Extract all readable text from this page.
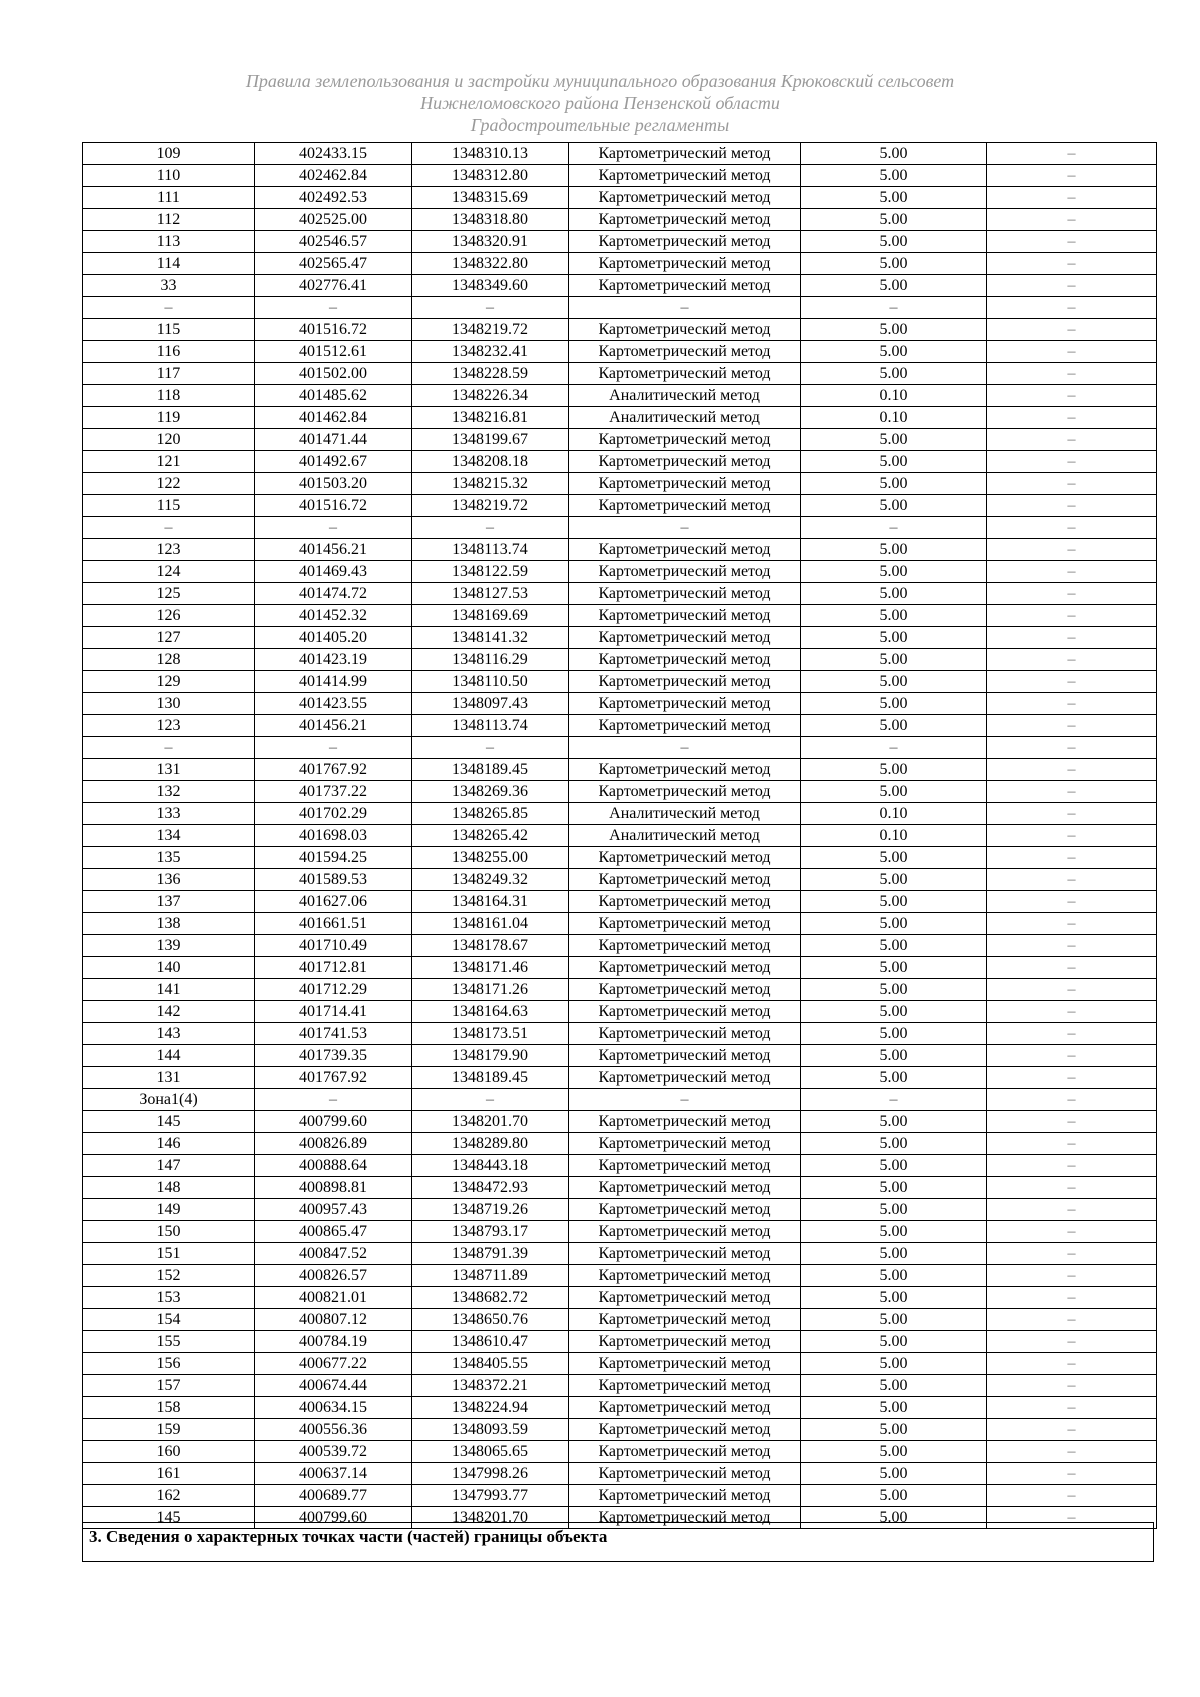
Правила землепользования и застройки муниципального образования Крюковский сельсовет
Нижнеломовского района Пензенской области
Градостроительные регламенты
109	402433.15	1348310.13	Картометрический метод	5.00	–
110	402462.84	1348312.80	Картометрический метод	5.00	–
111	402492.53	1348315.69	Картометрический метод	5.00	–
112	402525.00	1348318.80	Картометрический метод	5.00	–
113	402546.57	1348320.91	Картометрический метод	5.00	–
114	402565.47	1348322.80	Картометрический метод	5.00	–
33	402776.41	1348349.60	Картометрический метод	5.00	–
–	–	–	–	–	–
115	401516.72	1348219.72	Картометрический метод	5.00	–
116	401512.61	1348232.41	Картометрический метод	5.00	–
117	401502.00	1348228.59	Картометрический метод	5.00	–
118	401485.62	1348226.34	Аналитический метод	0.10	–
119	401462.84	1348216.81	Аналитический метод	0.10	–
120	401471.44	1348199.67	Картометрический метод	5.00	–
121	401492.67	1348208.18	Картометрический метод	5.00	–
122	401503.20	1348215.32	Картометрический метод	5.00	–
115	401516.72	1348219.72	Картометрический метод	5.00	–
–	–	–	–	–	–
123	401456.21	1348113.74	Картометрический метод	5.00	–
124	401469.43	1348122.59	Картометрический метод	5.00	–
125	401474.72	1348127.53	Картометрический метод	5.00	–
126	401452.32	1348169.69	Картометрический метод	5.00	–
127	401405.20	1348141.32	Картометрический метод	5.00	–
128	401423.19	1348116.29	Картометрический метод	5.00	–
129	401414.99	1348110.50	Картометрический метод	5.00	–
130	401423.55	1348097.43	Картометрический метод	5.00	–
123	401456.21	1348113.74	Картометрический метод	5.00	–
–	–	–	–	–	–
131	401767.92	1348189.45	Картометрический метод	5.00	–
132	401737.22	1348269.36	Картометрический метод	5.00	–
133	401702.29	1348265.85	Аналитический метод	0.10	–
134	401698.03	1348265.42	Аналитический метод	0.10	–
135	401594.25	1348255.00	Картометрический метод	5.00	–
136	401589.53	1348249.32	Картометрический метод	5.00	–
137	401627.06	1348164.31	Картометрический метод	5.00	–
138	401661.51	1348161.04	Картометрический метод	5.00	–
139	401710.49	1348178.67	Картометрический метод	5.00	–
140	401712.81	1348171.46	Картометрический метод	5.00	–
141	401712.29	1348171.26	Картометрический метод	5.00	–
142	401714.41	1348164.63	Картометрический метод	5.00	–
143	401741.53	1348173.51	Картометрический метод	5.00	–
144	401739.35	1348179.90	Картометрический метод	5.00	–
131	401767.92	1348189.45	Картометрический метод	5.00	–
Зона1(4)	–	–	–	–	–
145	400799.60	1348201.70	Картометрический метод	5.00	–
146	400826.89	1348289.80	Картометрический метод	5.00	–
147	400888.64	1348443.18	Картометрический метод	5.00	–
148	400898.81	1348472.93	Картометрический метод	5.00	–
149	400957.43	1348719.26	Картометрический метод	5.00	–
150	400865.47	1348793.17	Картометрический метод	5.00	–
151	400847.52	1348791.39	Картометрический метод	5.00	–
152	400826.57	1348711.89	Картометрический метод	5.00	–
153	400821.01	1348682.72	Картометрический метод	5.00	–
154	400807.12	1348650.76	Картометрический метод	5.00	–
155	400784.19	1348610.47	Картометрический метод	5.00	–
156	400677.22	1348405.55	Картометрический метод	5.00	–
157	400674.44	1348372.21	Картометрический метод	5.00	–
158	400634.15	1348224.94	Картометрический метод	5.00	–
159	400556.36	1348093.59	Картометрический метод	5.00	–
160	400539.72	1348065.65	Картометрический метод	5.00	–
161	400637.14	1347998.26	Картометрический метод	5.00	–
162	400689.77	1347993.77	Картометрический метод	5.00	–
145	400799.60	1348201.70	Картометрический метод	5.00	–
3. Сведения о характерных точках части (частей) границы объекта
